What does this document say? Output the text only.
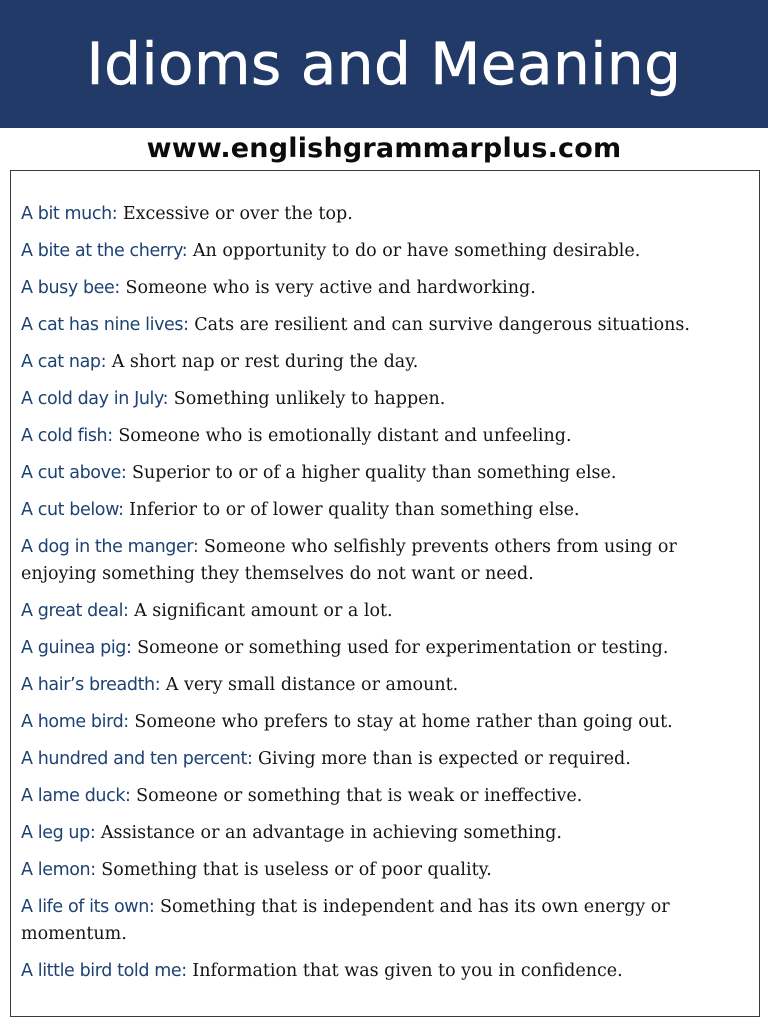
Idioms and Meaning
www.englishgrammarplus.com
A bit much: Excessive or over the top.
A bite at the cherry: An opportunity to do or have something desirable.
A busy bee: Someone who is very active and hardworking.
A cat has nine lives: Cats are resilient and can survive dangerous situations.
A cat nap: A short nap or rest during the day.
A cold day in July: Something unlikely to happen.
A cold fish: Someone who is emotionally distant and unfeeling.
A cut above: Superior to or of a higher quality than something else.
A cut below: Inferior to or of lower quality than something else.
A dog in the manger: Someone who selfishly prevents others from using or enjoying something they themselves do not want or need.
A great deal: A significant amount or a lot.
A guinea pig: Someone or something used for experimentation or testing.
A hair’s breadth: A very small distance or amount.
A home bird: Someone who prefers to stay at home rather than going out.
A hundred and ten percent: Giving more than is expected or required.
A lame duck: Someone or something that is weak or ineffective.
A leg up: Assistance or an advantage in achieving something.
A lemon: Something that is useless or of poor quality.
A life of its own: Something that is independent and has its own energy or momentum.
A little bird told me: Information that was given to you in confidence.
